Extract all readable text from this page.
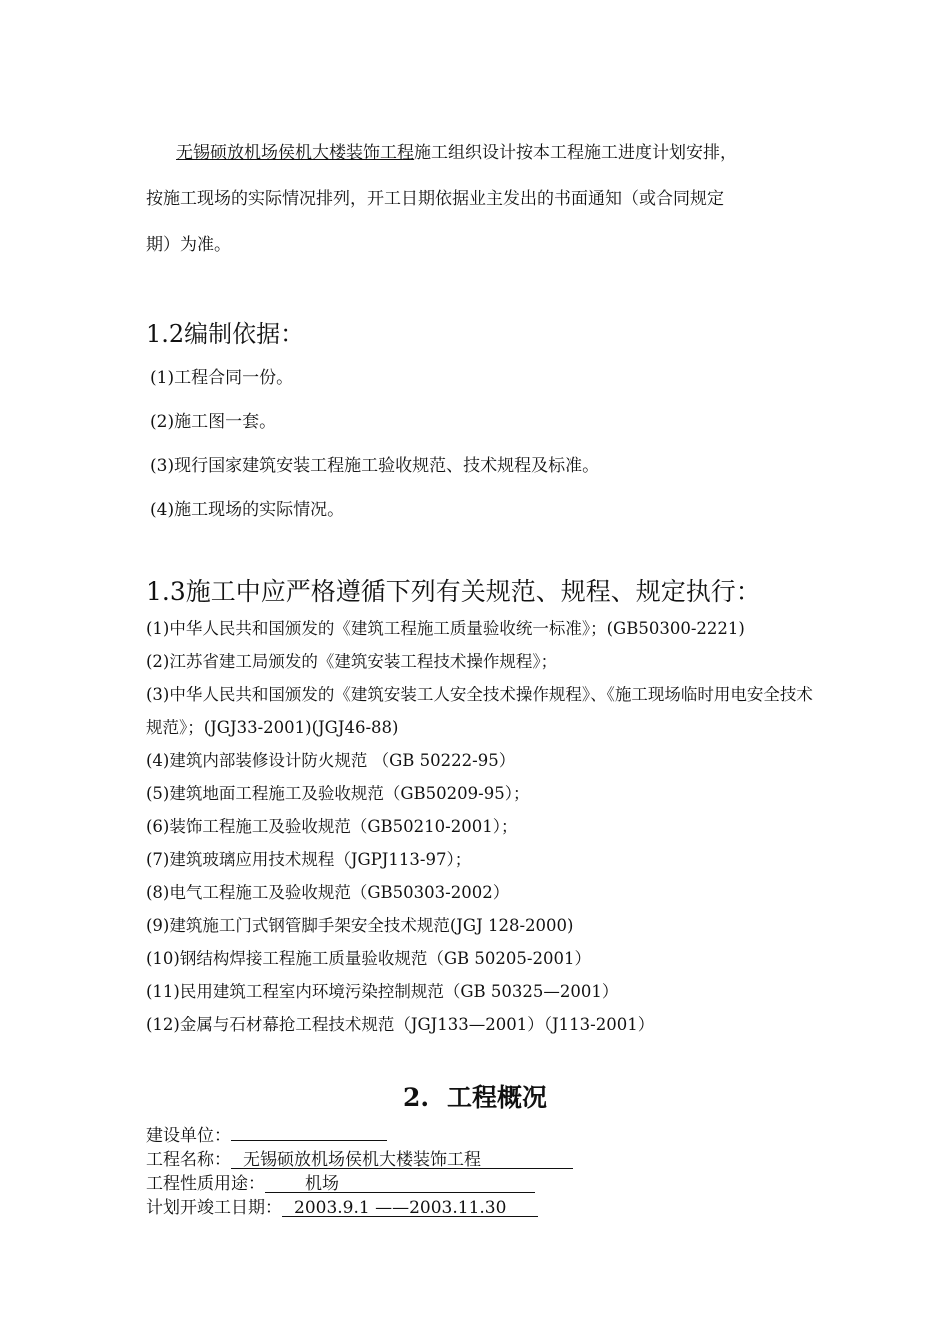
无锡硕放机场侯机大楼装饰工程施工组织设计按本工程施工进度计划安排，

按施工现场的实际情况排列，开工日期依据业主发出的书面通知（或合同规定

期）为准。

1.2编制依据：
(1)工程合同一份。
(2)施工图一套。
(3)现行国家建筑安装工程施工验收规范、技术规程及标准。
(4)施工现场的实际情况。
1.3施工中应严格遵循下列有关规范、规程、规定执行：
(1)中华人民共和国颁发的《建筑工程施工质量验收统一标准》；(GB50300-2221)
(2)江苏省建工局颁发的《建筑安装工程技术操作规程》；
(3)中华人民共和国颁发的《建筑安装工人安全技术操作规程》、《施工现场临时用电安全技术规范》；(JGJ33-2001)(JGJ46-88)
(4)建筑内部装修设计防火规范 （GB 50222-95）
(5)建筑地面工程施工及验收规范（GB50209-95）；
(6)装饰工程施工及验收规范（GB50210-2001）；
(7)建筑玻璃应用技术规程（JGPJ113-97）；
(8)电气工程施工及验收规范（GB50303-2002）
(9)建筑施工门式钢管脚手架安全技术规范(JGJ 128-2000)
(10)钢结构焊接工程施工质量验收规范（GB 50205-2001）
(11)民用建筑工程室内环境污染控制规范（GB 50325—2001）
(12)金属与石材幕抢工程技术规范（JGJ133—2001）（J113-2001）
2. 工程概况
建设单位：
工程名称： 无锡硕放机场侯机大楼装饰工程
工程性质用途： 机场
计划开竣工日期： 2003.9.1 ——2003.11.30
